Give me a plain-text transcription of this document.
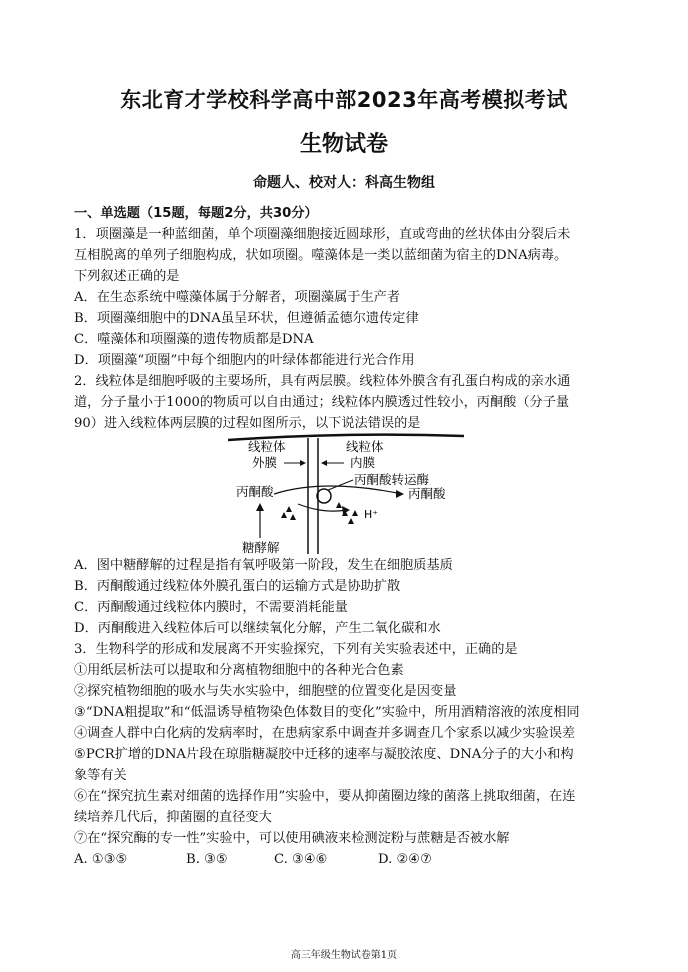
东北育才学校科学高中部2023年高考模拟考试
生物试卷
命题人、校对人：科高生物组
一、单选题（15题，每题2分，共30分）
1．项圈藻是一种蓝细菌，单个项圈藻细胞接近圆球形，直或弯曲的丝状体由分裂后未
互相脱离的单列子细胞构成，状如项圈。噬藻体是一类以蓝细菌为宿主的DNA病毒。
下列叙述正确的是
A．在生态系统中噬藻体属于分解者，项圈藻属于生产者
B．项圈藻细胞中的DNA虽呈环状，但遵循孟德尔遗传定律
C．噬藻体和项圈藻的遗传物质都是DNA
D．项圈藻“项圈”中每个细胞内的叶绿体都能进行光合作用
2．线粒体是细胞呼吸的主要场所，具有两层膜。线粒体外膜含有孔蛋白构成的亲水通
道，分子量小于1000的物质可以自由通过；线粒体内膜透过性较小，丙酮酸（分子量
90）进入线粒体两层膜的过程如图所示，以下说法错误的是
线粒体
外膜
线粒体
内膜
丙酮酸转运酶
丙酮酸	丙酮酸
H⁺
糖酵解
A．图中糖酵解的过程是指有氧呼吸第一阶段，发生在细胞质基质
B．丙酮酸通过线粒体外膜孔蛋白的运输方式是协助扩散
C．丙酮酸通过线粒体内膜时，不需要消耗能量
D．丙酮酸进入线粒体后可以继续氧化分解，产生二氧化碳和水
3．生物科学的形成和发展离不开实验探究，下列有关实验表述中，正确的是
①用纸层析法可以提取和分离植物细胞中的各种光合色素
②探究植物细胞的吸水与失水实验中，细胞壁的位置变化是因变量
③“DNA粗提取”和“低温诱导植物染色体数目的变化”实验中，所用酒精溶液的浓度相同
④调查人群中白化病的发病率时，在患病家系中调查并多调查几个家系以减少实验误差
⑤PCR扩增的DNA片段在琼脂糖凝胶中迁移的速率与凝胶浓度、DNA分子的大小和构
象等有关
⑥在“探究抗生素对细菌的选择作用”实验中，要从抑菌圈边缘的菌落上挑取细菌，在连
续培养几代后，抑菌圈的直径变大
⑦在“探究酶的专一性”实验中，可以使用碘液来检测淀粉与蔗糖是否被水解
A. ①③⑤	B. ③⑤	C. ③④⑥	D. ②④⑦
高三年级生物试卷第1页
